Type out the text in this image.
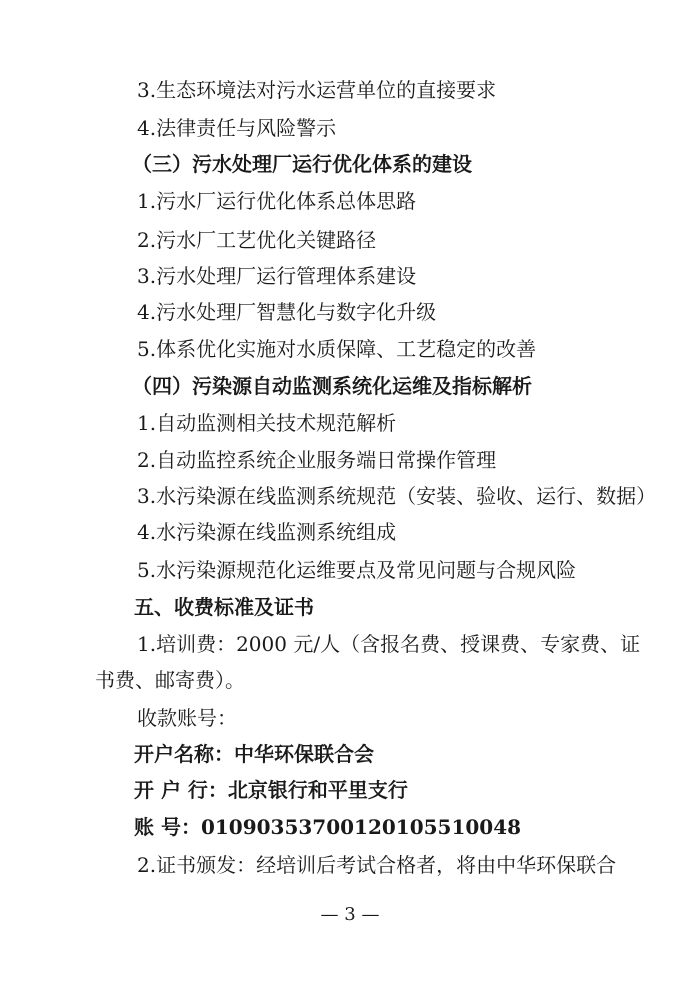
3.生态环境法对污水运营单位的直接要求
4.法律责任与风险警示
（三）污水处理厂运行优化体系的建设
1.污水厂运行优化体系总体思路
2.污水厂工艺优化关键路径
3.污水处理厂运行管理体系建设
4.污水处理厂智慧化与数字化升级
5.体系优化实施对水质保障、工艺稳定的改善
（四）污染源自动监测系统化运维及指标解析
1.自动监测相关技术规范解析
2.自动监控系统企业服务端日常操作管理
3.水污染源在线监测系统规范（安装、验收、运行、数据）
4.水污染源在线监测系统组成
5.水污染源规范化运维要点及常见问题与合规风险
五、收费标准及证书
1.培训费：2000 元/人（含报名费、授课费、专家费、证
书费、邮寄费）。
收款账号：
开户名称：中华环保联合会
开 户 行：北京银行和平里支行
账 号：01090353700120105510048
2.证书颁发：经培训后考试合格者，将由中华环保联合
— 3 —
